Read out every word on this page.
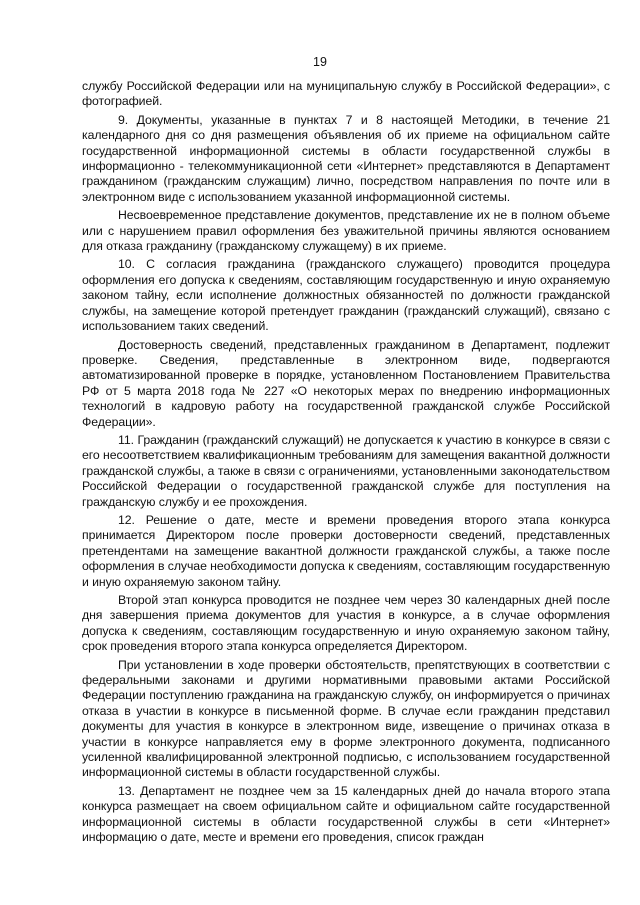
19

службу Российской Федерации или на муниципальную службу в Российской Федерации», с фотографией.

9. Документы, указанные в пунктах 7 и 8 настоящей Методики, в течение 21 календарного дня со дня размещения объявления об их приеме на официальном сайте государственной информационной системы в области государственной службы в информационно - телекоммуникационной сети «Интернет» представляются в Департамент гражданином (гражданским служащим) лично, посредством направления по почте или в электронном виде с использованием указанной информационной системы.

Несвоевременное представление документов, представление их не в полном объеме или с нарушением правил оформления без уважительной причины являются основанием для отказа гражданину (гражданскому служащему) в их приеме.

10. С согласия гражданина (гражданского служащего) проводится процедура оформления его допуска к сведениям, составляющим государственную и иную охраняемую законом тайну, если исполнение должностных обязанностей по должности гражданской службы, на замещение которой претендует гражданин (гражданский служащий), связано с использованием таких сведений.

Достоверность сведений, представленных гражданином в Департамент, подлежит проверке. Сведения, представленные в электронном виде, подвергаются автоматизированной проверке в порядке, установленном Постановлением Правительства РФ от 5 марта 2018 года № 227 «О некоторых мерах по внедрению информационных технологий в кадровую работу на государственной гражданской службе Российской Федерации».

11. Гражданин (гражданский служащий) не допускается к участию в конкурсе в связи с его несоответствием квалификационным требованиям для замещения вакантной должности гражданской службы, а также в связи с ограничениями, установленными законодательством Российской Федерации о государственной гражданской службе для поступления на гражданскую службу и ее прохождения.

12. Решение о дате, месте и времени проведения второго этапа конкурса принимается Директором после проверки достоверности сведений, представленных претендентами на замещение вакантной должности гражданской службы, а также после оформления в случае необходимости допуска к сведениям, составляющим государственную и иную охраняемую законом тайну.

Второй этап конкурса проводится не позднее чем через 30 календарных дней после дня завершения приема документов для участия в конкурсе, а в случае оформления допуска к сведениям, составляющим государственную и иную охраняемую законом тайну, срок проведения второго этапа конкурса определяется Директором.

При установлении в ходе проверки обстоятельств, препятствующих в соответствии с федеральными законами и другими нормативными правовыми актами Российской Федерации поступлению гражданина на гражданскую службу, он информируется о причинах отказа в участии в конкурсе в письменной форме. В случае если гражданин представил документы для участия в конкурсе в электронном виде, извещение о причинах отказа в участии в конкурсе направляется ему в форме электронного документа, подписанного усиленной квалифицированной электронной подписью, с использованием государственной информационной системы в области государственной службы.

13. Департамент не позднее чем за 15 календарных дней до начала второго этапа конкурса размещает на своем официальном сайте и официальном сайте государственной информационной системы в области государственной службы в сети «Интернет» информацию о дате, месте и времени его проведения, список граждан
